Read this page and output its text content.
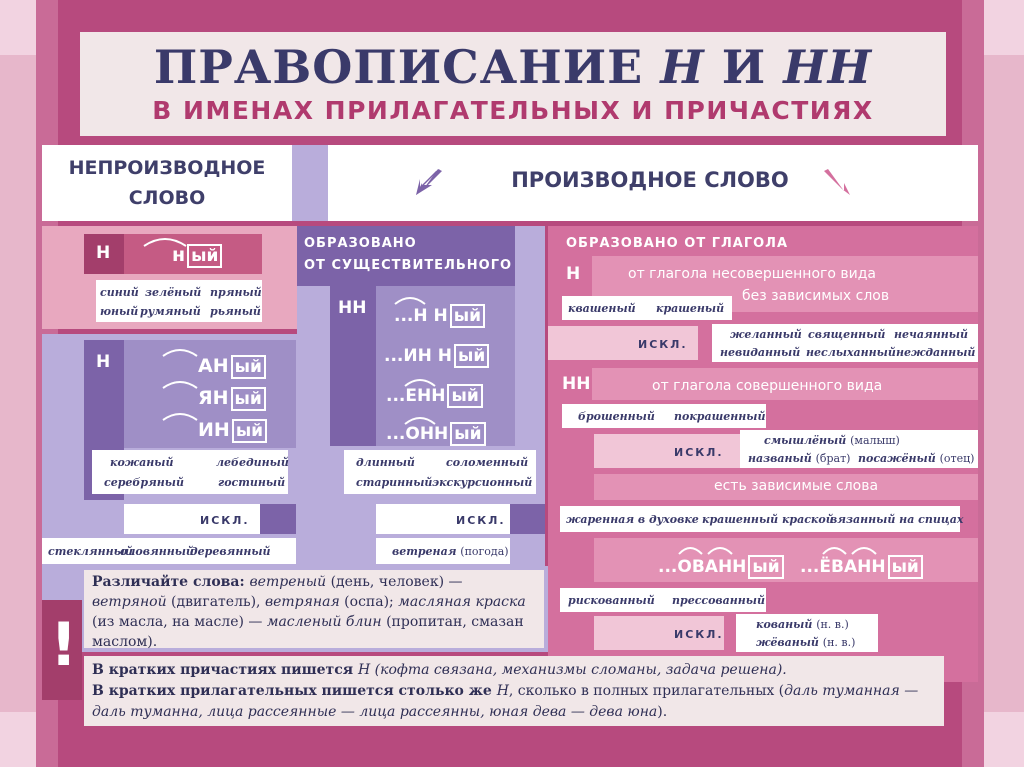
ПРАВОПИСАНИЕ Н И НН
В ИМЕНАХ ПРИЛАГАТЕЛЬНЫХ И ПРИЧАСТИЯХ
НЕПРОИЗВОДНОЕ СЛОВО
ПРОИЗВОДНОЕ СЛОВО
Н	н ый
синий зелёный пряный
юный румяный рьяный
Н	АН ый
ЯН ый
ИН ый
кожаный	лебединый
серебряный	гостиный
ИСКЛ.
стеклянный
оловянный
деревянный
ОБРАЗОВАНО
ОТ СУЩЕСТВИТЕЛЬНОГО
НН ...Н Н ый
...ИН Н ый
...ЕНН ый
...ОНН ый
длинный	соломенный
старинный экскурсионный
ИСКЛ.
ветреная (погода)
ОБРАЗОВАНО ОТ ГЛАГОЛА
Н	от глагола несовершенного вида
без зависимых слов
квашеный крашеный
ИСКЛ.
желанный священный нечаянный
невиданный неслыханный нежданный
НН	от глагола совершенного вида
брошенный покрашенный
ИСКЛ.
смышлёный (малыш)
названый (брат) посажёный (отец)
есть зависимые слова
жаренная в духовке крашенный краской
вязанный на спицах
...ОВАНН ый ...ЁВАНН ый
рискованный прессованный
ИСКЛ.
кованый (н. в.)
жёваный (н. в.)
Различайте слова: ветреный (день, человек) — ветряной (двигатель), ветряная (оспа); масляная краска (из масла, на масле) — масленый блин (пропитан, смазан маслом).
! В кратких причастиях пишется Н (кофта связана, механизмы сломаны, задача решена).
В кратких прилагательных пишется столько же Н, сколько в полных прилагательных (даль туманная — даль туманна, лица рассеянные — лица рассеянны, юная дева — дева юна).
